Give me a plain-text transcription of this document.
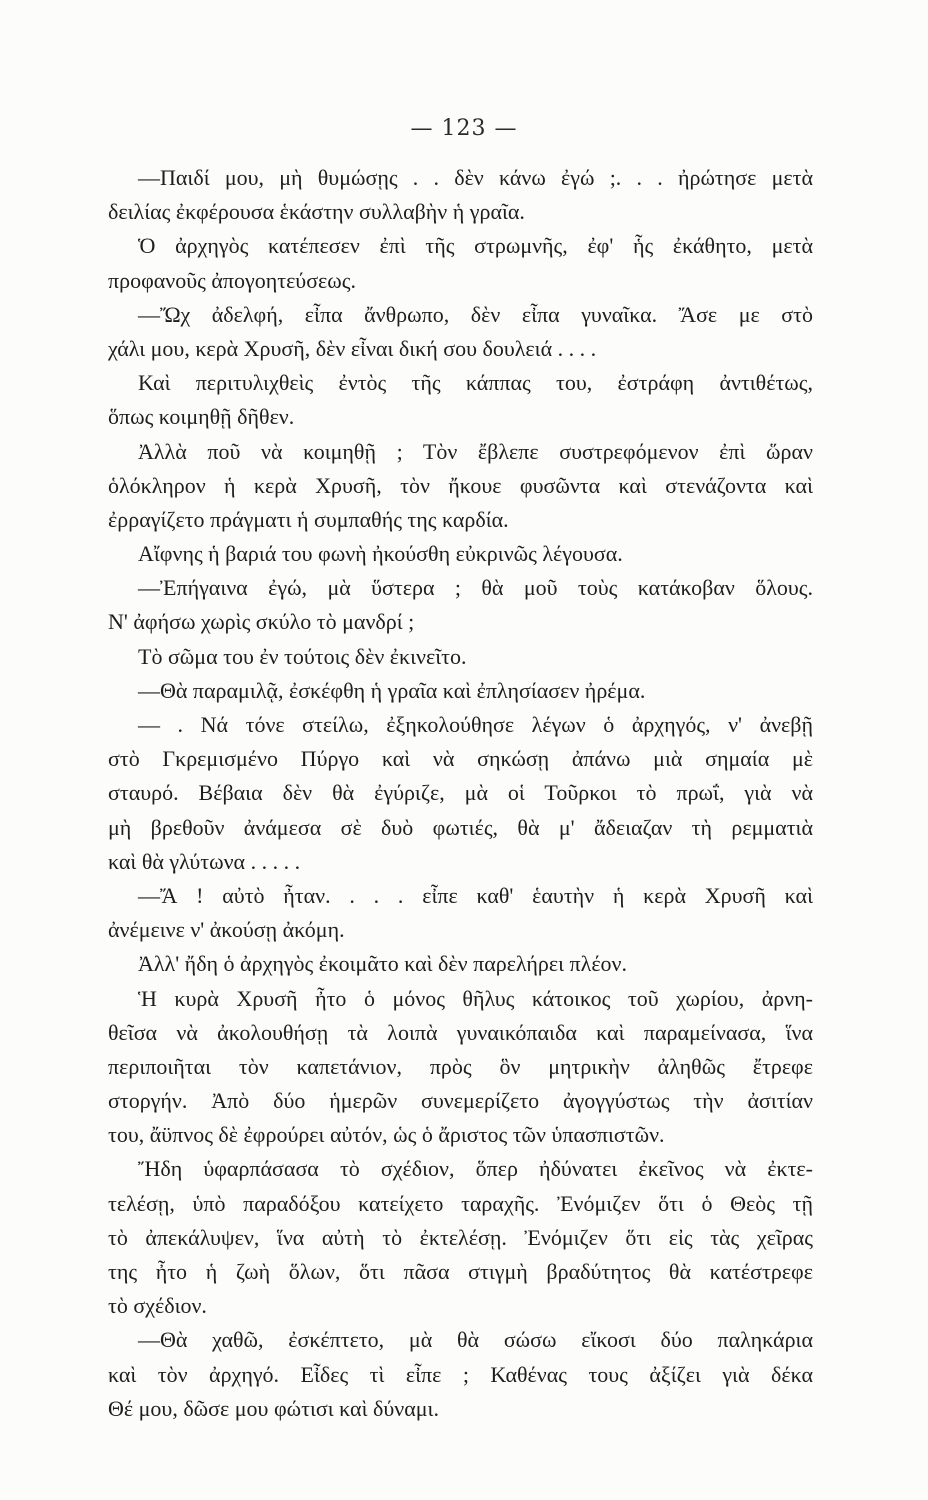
— 123 —
—Παιδί μου, μὴ θυμώσῃς . . δὲν κάνω ἐγώ ;. . . ἠρώτησε μετὰ
δειλίας ἐκφέρουσα ἑκάστην συλλαβὴν ἡ γραῖα.
Ὁ ἀρχηγὸς κατέπεσεν ἐπὶ τῆς στρωμνῆς, ἐφ' ἧς ἐκάθητο, μετὰ
προφανοῦς ἀπογοητεύσεως.
—Ὤχ ἀδελφή, εἶπα ἄνθρωπο, δὲν εἶπα γυναῖκα. Ἄσε με στὸ
χάλι μου, κερὰ Χρυσῆ, δὲν εἶναι δική σου δουλειά . . . .
Καὶ περιτυλιχθεὶς ἐντὸς τῆς κάππας του, ἐστράφη ἀντιθέτως,
ὅπως κοιμηθῇ δῆθεν.
Ἀλλὰ ποῦ νὰ κοιμηθῇ ; Τὸν ἔβλεπε συστρεφόμενον ἐπὶ ὥραν
ὁλόκληρον ἡ κερὰ Χρυσῆ, τὸν ἤκουε φυσῶντα καὶ στενάζοντα καὶ
ἐρραγίζετο πράγματι ἡ συμπαθής της καρδία.
Αἴφνης ἡ βαριά του φωνὴ ἠκούσθη εὐκρινῶς λέγουσα.
—Ἐπήγαινα ἐγώ, μὰ ὕστερα ; θὰ μοῦ τοὺς κατάκοβαν ὅλους.
Ν' ἀφήσω χωρὶς σκύλο τὸ μανδρί ;
Τὸ σῶμα του ἐν τούτοις δὲν ἐκινεῖτο.
—Θὰ παραμιλᾷ, ἐσκέφθη ἡ γραῖα καὶ ἐπλησίασεν ἠρέμα.
— . Νά τόνε στείλω, ἐξηκολούθησε λέγων ὁ ἀρχηγός, ν' ἀνεβῇ
στὸ Γκρεμισμένο Πύργο καὶ νὰ σηκώσῃ ἀπάνω μιὰ σημαία μὲ
σταυρό. Βέβαια δὲν θὰ ἐγύριζε, μὰ οἱ Τοῦρκοι τὸ πρωΐ, γιὰ νὰ
μὴ βρεθοῦν ἀνάμεσα σὲ δυὸ φωτιές, θὰ μ' ἄδειαζαν τὴ ρεμματιὰ
καὶ θὰ γλύτωνα . . . . .
—Ἄ ! αὐτὸ ἦταν. . . . εἶπε καθ' ἑαυτὴν ἡ κερὰ Χρυσῆ καὶ
ἀνέμεινε ν' ἀκούσῃ ἀκόμη.
Ἀλλ' ἤδη ὁ ἀρχηγὸς ἐκοιμᾶτο καὶ δὲν παρελήρει πλέον.
Ἡ κυρὰ Χρυσῆ ἦτο ὁ μόνος θῆλυς κάτοικος τοῦ χωρίου, ἀρνη-
θεῖσα νὰ ἀκολουθήσῃ τὰ λοιπὰ γυναικόπαιδα καὶ παραμείνασα, ἵνα
περιποιῆται τὸν καπετάνιον, πρὸς ὃν μητρικὴν ἀληθῶς ἔτρεφε
στοργήν. Ἀπὸ δύο ἡμερῶν συνεμερίζετο ἀγογγύστως τὴν ἀσιτίαν
του, ἄϋπνος δὲ ἐφρούρει αὐτόν, ὡς ὁ ἄριστος τῶν ὑπασπιστῶν.
Ἤδη ὑφαρπάσασα τὸ σχέδιον, ὅπερ ἠδύνατει ἐκεῖνος νὰ ἐκτε-
τελέσῃ, ὑπὸ παραδόξου κατείχετο ταραχῆς. Ἐνόμιζεν ὅτι ὁ Θεὸς τῇ
τὸ ἀπεκάλυψεν, ἵνα αὐτὴ τὸ ἐκτελέσῃ. Ἐνόμιζεν ὅτι εἰς τὰς χεῖρας
της ἦτο ἡ ζωὴ ὅλων, ὅτι πᾶσα στιγμὴ βραδύτητος θὰ κατέστρεφε
τὸ σχέδιον.
—Θὰ χαθῶ, ἐσκέπτετο, μὰ θὰ σώσω εἴκοσι δύο παληκάρια
καὶ τὸν ἀρχηγό. Εἶδες τὶ εἶπε ; Καθένας τους ἀξίζει γιὰ δέκα
Θέ μου, δῶσε μου φώτισι καὶ δύναμι.
